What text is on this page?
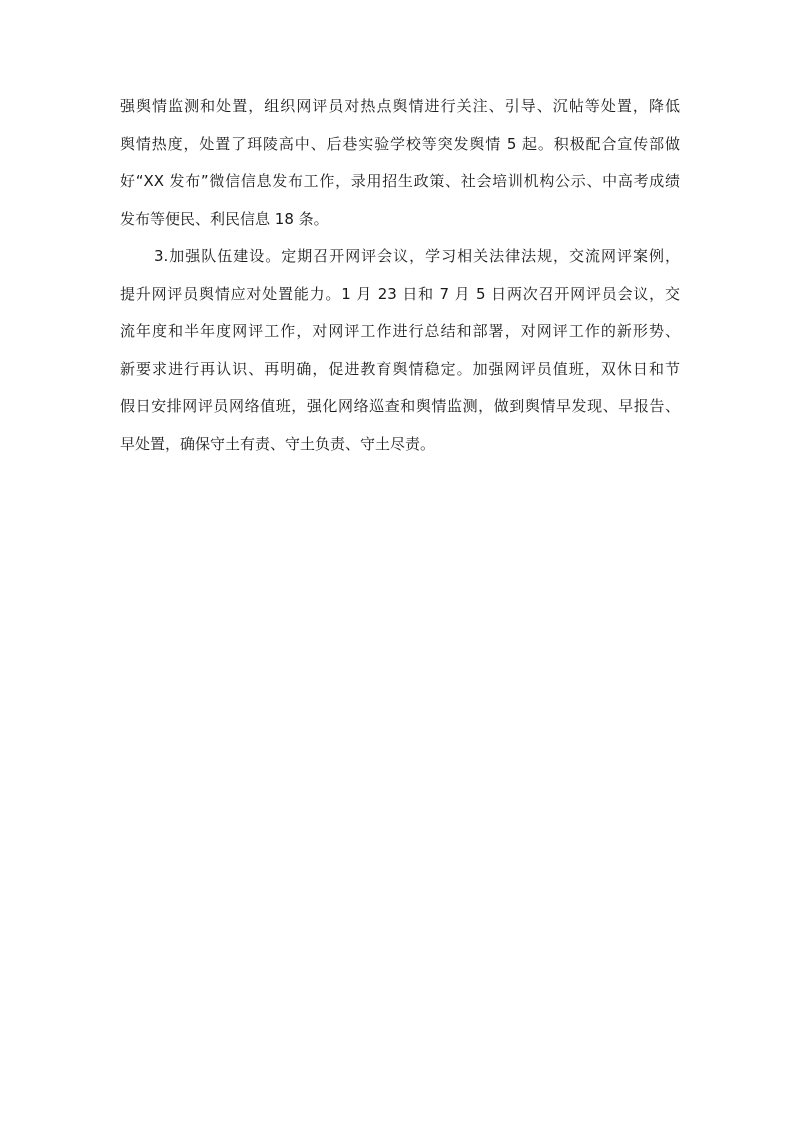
强舆情监测和处置，组织网评员对热点舆情进行关注、引导、沉帖等处置，降低

舆情热度，处置了珥陵高中、后巷实验学校等突发舆情 5 起。积极配合宣传部做

好“XX 发布”微信信息发布工作，录用招生政策、社会培训机构公示、中高考成绩

发布等便民、利民信息 18 条。

3.加强队伍建设。定期召开网评会议，学习相关法律法规，交流网评案例，

提升网评员舆情应对处置能力。1 月 23 日和 7 月 5 日两次召开网评员会议，交

流年度和半年度网评工作，对网评工作进行总结和部署，对网评工作的新形势、

新要求进行再认识、再明确，促进教育舆情稳定。加强网评员值班，双休日和节

假日安排网评员网络值班，强化网络巡查和舆情监测，做到舆情早发现、早报告、

早处置，确保守土有责、守土负责、守土尽责。
